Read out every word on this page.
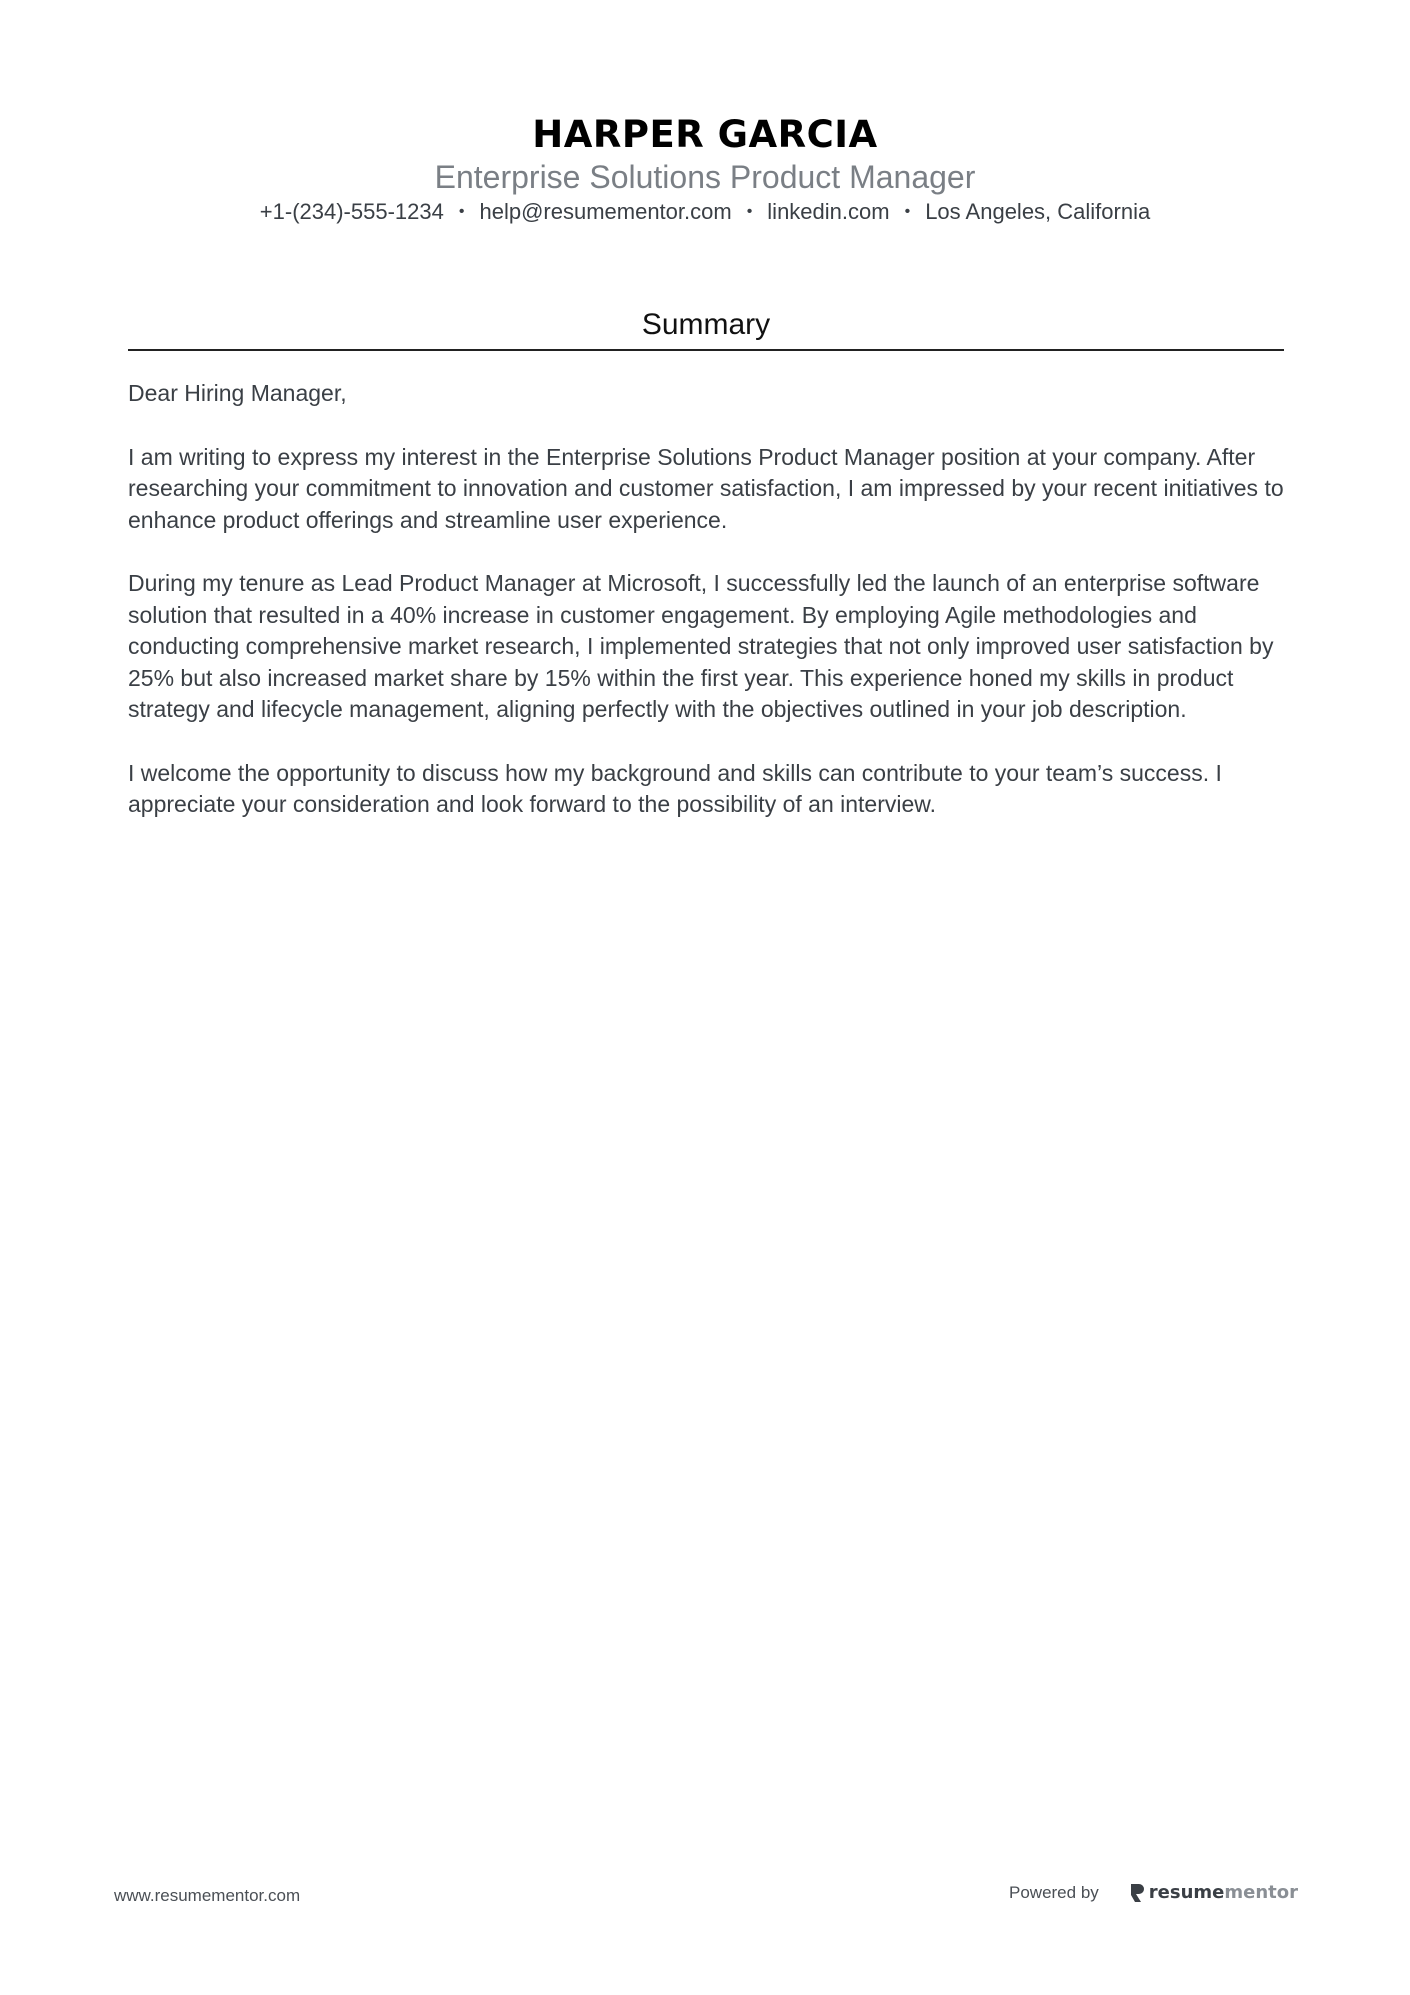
HARPER GARCIA
Enterprise Solutions Product Manager
+1-(234)-555-1234 • help@resumementor.com • linkedin.com • Los Angeles, California
Summary

Dear Hiring Manager,

I am writing to express my interest in the Enterprise Solutions Product Manager position at your company. After researching your commitment to innovation and customer satisfaction, I am impressed by your recent initiatives to enhance product offerings and streamline user experience.

During my tenure as Lead Product Manager at Microsoft, I successfully led the launch of an enterprise software solution that resulted in a 40% increase in customer engagement. By employing Agile methodologies and conducting comprehensive market research, I implemented strategies that not only improved user satisfaction by 25% but also increased market share by 15% within the first year. This experience honed my skills in product strategy and lifecycle management, aligning perfectly with the objectives outlined in your job description.

I welcome the opportunity to discuss how my background and skills can contribute to your team’s success. I appreciate your consideration and look forward to the possibility of an interview.

www.resumementor.com	Powered by	resume mentor
